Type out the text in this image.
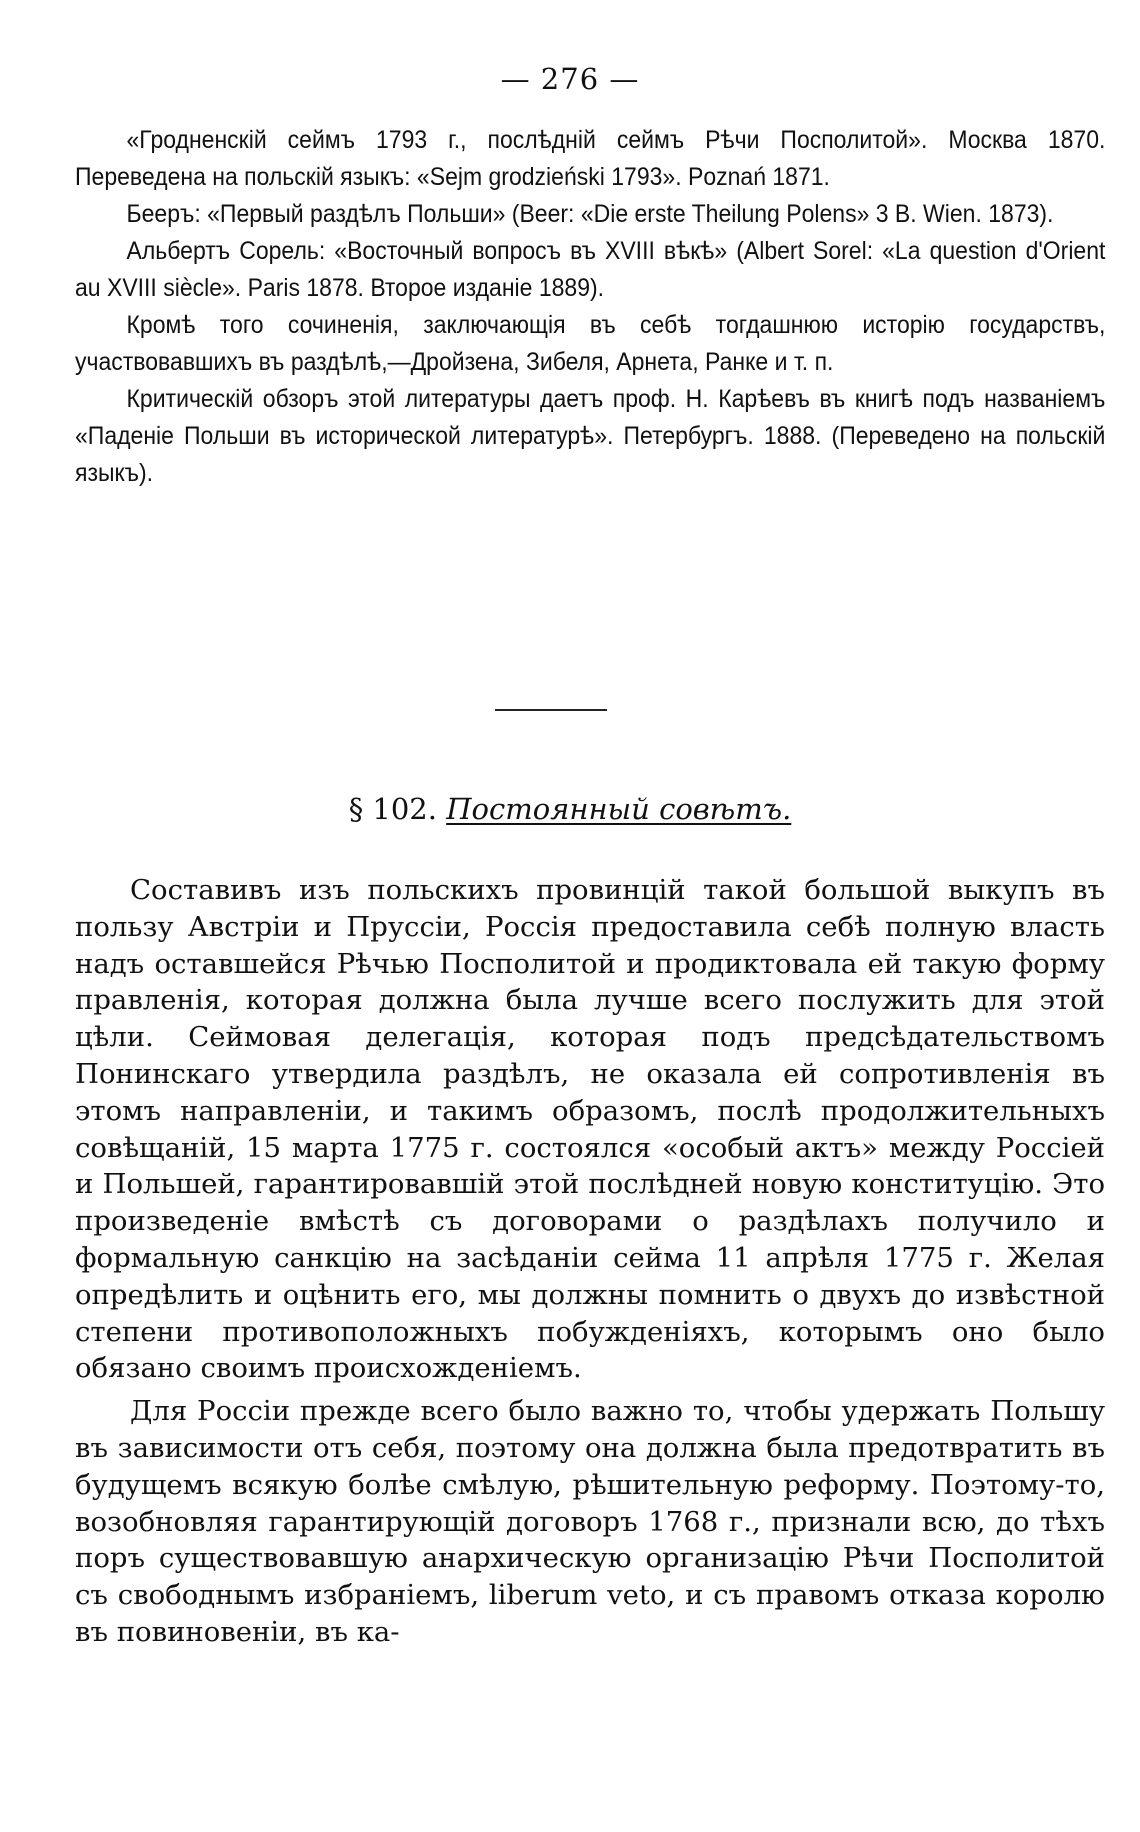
— 276 —

«Гродненскій сеймъ 1793 г., послѣдній сеймъ Рѣчи Посполитой». Москва 1870. Переведена на польскій языкъ: «Sejm grodzieński 1793». Poznań 1871.

Бееръ: «Первый раздѣлъ Польши» (Beer: «Die erste Theilung Polens» 3 B. Wien. 1873).

Альбертъ Сорель: «Восточный вопросъ въ XVIII вѣкѣ» (Albert Sorel: «La question d'Orient au XVIII siècle». Paris 1878. Второе изданіе 1889).

Кромѣ того сочиненія, заключающія въ себѣ тогдашнюю исторію государствъ, участвовавшихъ въ раздѣлѣ,—Дройзена, Зибеля, Арнета, Ранке и т. п.

Критическій обзоръ этой литературы даетъ проф. Н. Карѣевъ въ книгѣ подъ названіемъ «Паденіе Польши въ исторической литературѣ». Петербургъ. 1888. (Переведено на польскій языкъ).

§ 102. Постоянный совѣтъ.

Составивъ изъ польскихъ провинцій такой большой выкупъ въ пользу Австріи и Пруссіи, Россія предоставила себѣ полную власть надъ оставшейся Рѣчью Посполитой и продиктовала ей такую форму правленія, которая должна была лучше всего послужить для этой цѣли. Сеймовая делегація, которая подъ предсѣдательствомъ Понинскаго утвердила раздѣлъ, не оказала ей сопротивленія въ этомъ направленіи, и такимъ образомъ, послѣ продолжительныхъ совѣщаній, 15 марта 1775 г. состоялся «особый актъ» между Россіей и Польшей, гарантировавшій этой послѣдней новую конституцію. Это произведеніе вмѣстѣ съ договорами о раздѣлахъ получило и формальную санкцію на засѣданіи сейма 11 апрѣля 1775 г. Желая опредѣлить и оцѣнить его, мы должны помнить о двухъ до извѣстной степени противоположныхъ побужденіяхъ, которымъ оно было обязано своимъ происхожденіемъ.

Для Россіи прежде всего было важно то, чтобы удержать Польшу въ зависимости отъ себя, поэтому она должна была предотвратить въ будущемъ всякую болѣе смѣлую, рѣшительную реформу. Поэтому-то, возобновляя гарантирующій договоръ 1768 г., признали всю, до тѣхъ поръ существовавшую анархическую организацію Рѣчи Посполитой съ свободнымъ избраніемъ, liberum veto, и съ правомъ отказа королю въ повиновеніи, въ ка-
